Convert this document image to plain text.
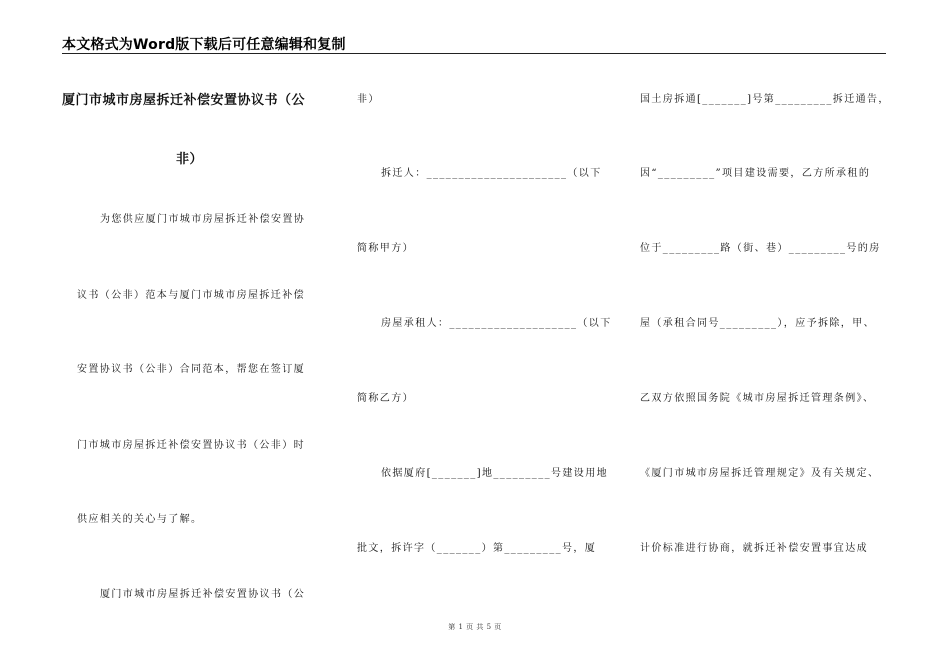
本文格式为Word版下载后可任意编辑和复制
厦门市城市房屋拆迁补偿安置协议书（公
非）
为您供应厦门市城市房屋拆迁补偿安置协
议书（公非）范本与厦门市城市房屋拆迁补偿
安置协议书（公非）合同范本，帮您在签订厦
门市城市房屋拆迁补偿安置协议书（公非）时
供应相关的关心与了解。
厦门市城市房屋拆迁补偿安置协议书（公
非）
拆迁人：______________________（以下
简称甲方）
房屋承租人：____________________（以下
简称乙方）
依据厦府[_______]地_________号建设用地
批文，拆许字（_______）第_________号，厦
国土房拆通[_______]号第_________拆迁通告，
因“_________”项目建设需要，乙方所承租的
位于_________路（街、巷）_________号的房
屋（承租合同号_________），应予拆除，甲、
乙双方依照国务院《城市房屋拆迁管理条例》、
《厦门市城市房屋拆迁管理规定》及有关规定、
计价标准进行协商，就拆迁补偿安置事宜达成
第 1 页 共 5 页
